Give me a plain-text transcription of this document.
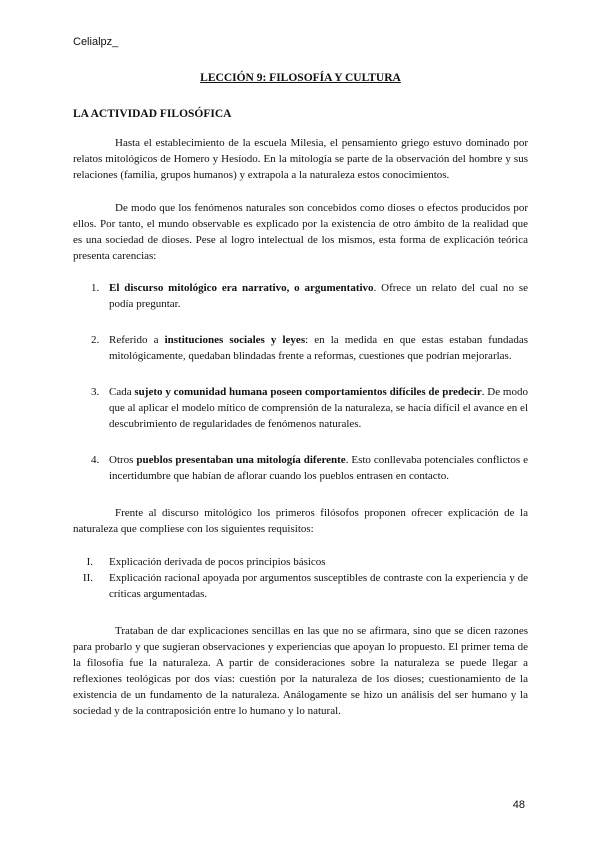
Celialpz_
LECCIÓN 9: FILOSOFÍA Y CULTURA
LA ACTIVIDAD FILOSÓFICA

Hasta el establecimiento de la escuela Milesia, el pensamiento griego estuvo dominado por relatos mitológicos de Homero y Hesíodo. En la mitología se parte de la observación del hombre y sus relaciones (familia, grupos humanos) y extrapola a la naturaleza estos conocimientos.

De modo que los fenómenos naturales son concebidos como dioses o efectos producidos por ellos. Por tanto, el mundo observable es explicado por la existencia de otro ámbito de la realidad que es una sociedad de dioses. Pese al logro intelectual de los mismos, esta forma de explicación teórica presenta carencias:

1. El discurso mitológico era narrativo, o argumentativo. Ofrece un relato del cual no se podía preguntar.
2. Referido a instituciones sociales y leyes: en la medida en que estas estaban fundadas mitológicamente, quedaban blindadas frente a reformas, cuestiones que podrían mejorarlas.
3. Cada sujeto y comunidad humana poseen comportamientos difíciles de predecir. De modo que al aplicar el modelo mítico de comprensión de la naturaleza, se hacía difícil el avance en el descubrimiento de regularidades de fenómenos naturales.
4. Otros pueblos presentaban una mitología diferente. Esto conllevaba potenciales conflictos e incertidumbre que habían de aflorar cuando los pueblos entrasen en contacto.

Frente al discurso mitológico los primeros filósofos proponen ofrecer explicación de la naturaleza que compliese con los siguientes requisitos:

I. Explicación derivada de pocos principios básicos
II. Explicación racional apoyada por argumentos susceptibles de contraste con la experiencia y de críticas argumentadas.

Trataban de dar explicaciones sencillas en las que no se afirmara, sino que se dicen razones para probarlo y que sugieran observaciones y experiencias que apoyan lo propuesto. El primer tema de la filosofía fue la naturaleza. A partir de consideraciones sobre la naturaleza se puede llegar a reflexiones teológicas por dos vías: cuestión por la naturaleza de los dioses; cuestionamiento de la existencia de un fundamento de la naturaleza. Análogamente se hizo un análisis del ser humano y la sociedad y de la contraposición entre lo humano y lo natural.

48
